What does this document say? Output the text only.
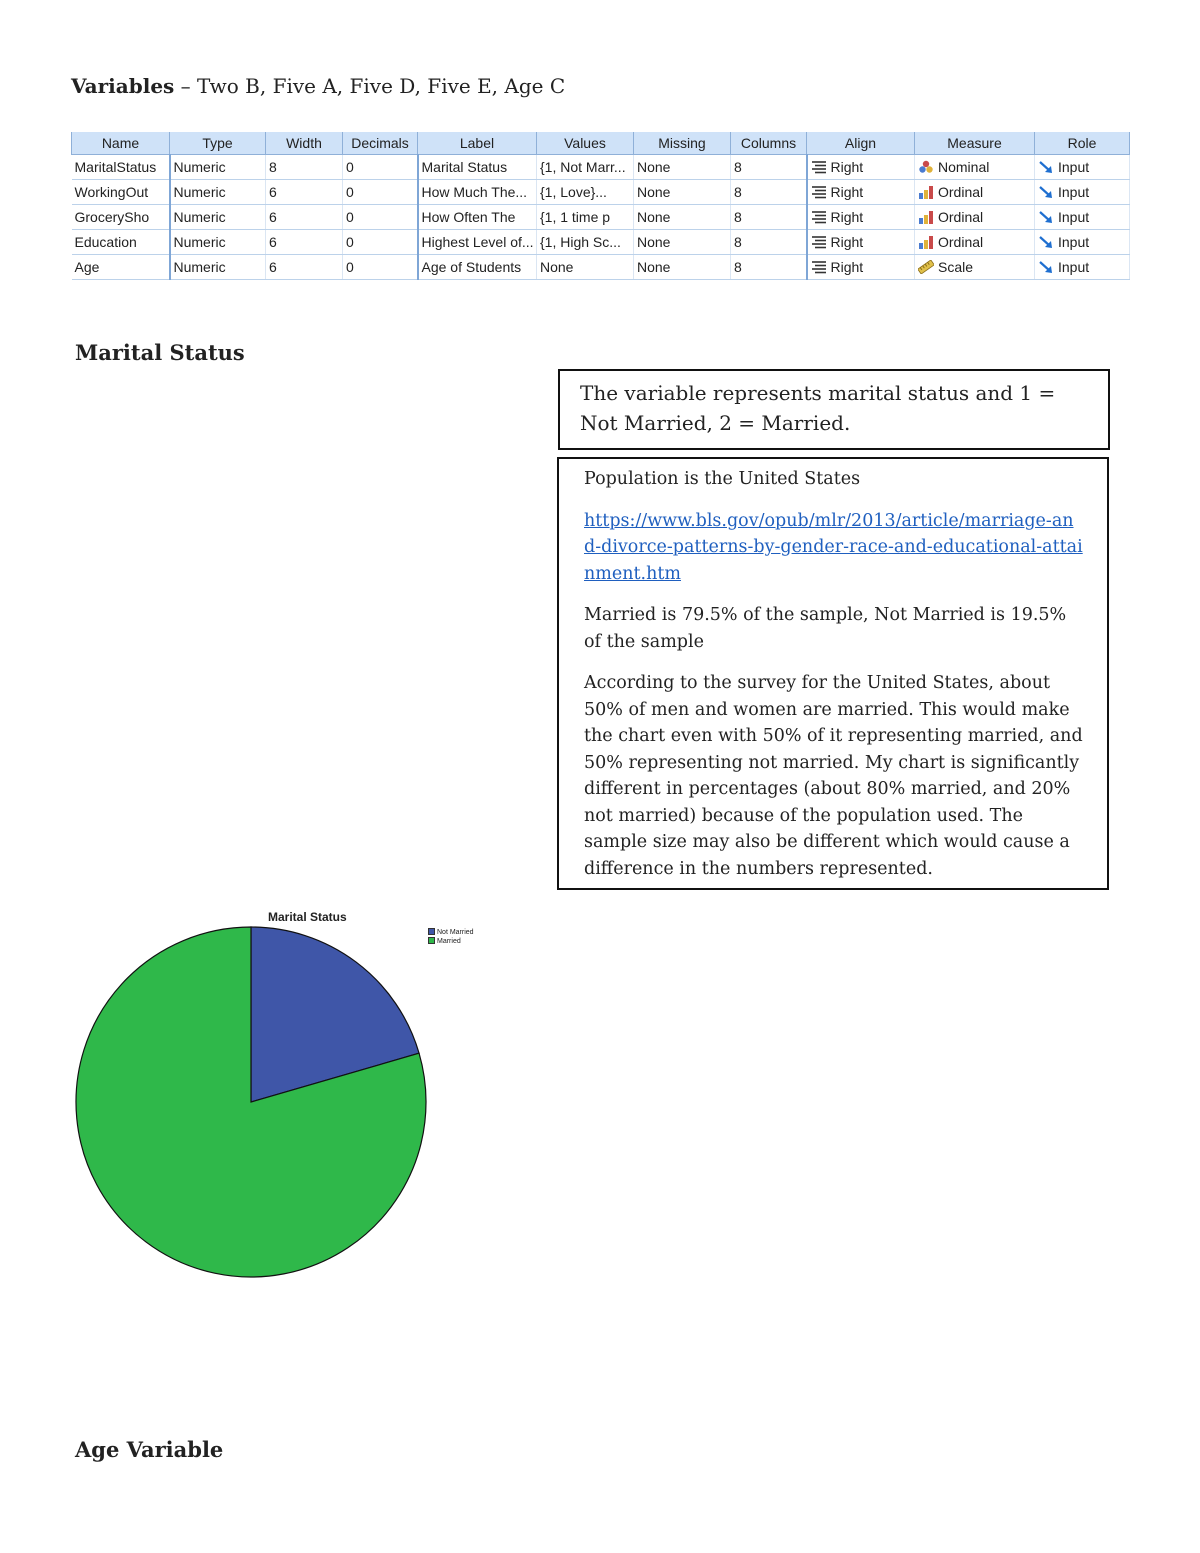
Variables – Two B, Five A, Five D, Five E, Age C
Name	Type	Width	Decimals	Label	Values	Missing	Columns	Align	Measure	Role
MaritalStatus	Numeric	8	0	Marital Status	{1, Not Marr...	None	8	Right	Nominal	Input
WorkingOut	Numeric	6	0	How Much The...	{1, Love}...	None	8	Right	Ordinal	Input
GrocerySho	Numeric	6	0	How Often The	{1, 1 time p	None	8	Right	Ordinal	Input
Education	Numeric	6	0	Highest Level of...	{1, High Sc...	None	8	Right	Ordinal	Input
Age	Numeric	6	0	Age of Students	None	None	8	Right	Scale	Input
Marital Status
The variable represents marital status and 1 = Not Married, 2 = Married.

Population is the United States

https://www.bls.gov/opub/mlr/2013/article/marriage-and-divorce-patterns-by-gender-race-and-educational-attainment.htm

Married is 79.5% of the sample, Not Married is 19.5% of the sample

According to the survey for the United States, about 50% of men and women are married. This would make the chart even with 50% of it representing married, and 50% representing not married. My chart is significantly different in percentages (about 80% married, and 20% not married) because of the population used. The sample size may also be different which would cause a difference in the numbers represented.

Marital Status
Not Married
Married
Age Variable
